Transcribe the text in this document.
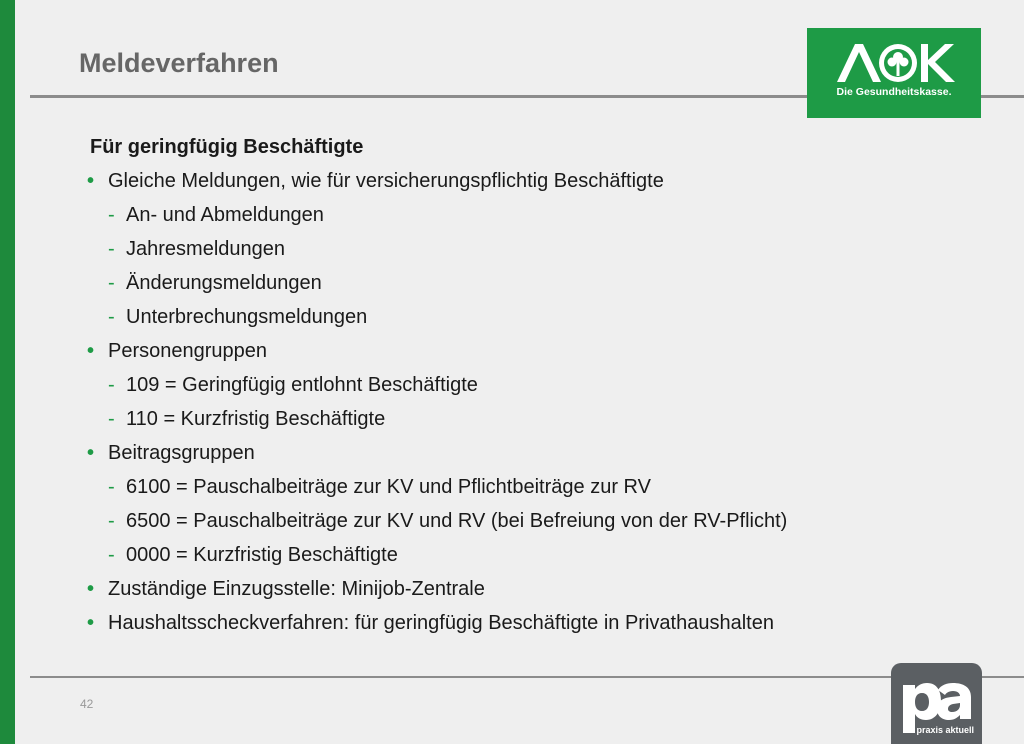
Meldeverfahren
Die Gesundheitskasse.
Für geringfügig Beschäftigte
• Gleiche Meldungen, wie für versicherungspflichtig Beschäftigte
- An- und Abmeldungen
- Jahresmeldungen
- Änderungsmeldungen
- Unterbrechungsmeldungen
• Personengruppen
- 109 = Geringfügig entlohnt Beschäftigte
- 110 = Kurzfristig Beschäftigte
• Beitragsgruppen
- 6100 = Pauschalbeiträge zur KV und Pflichtbeiträge zur RV
- 6500 = Pauschalbeiträge zur KV und RV (bei Befreiung von der RV-Pflicht)
- 0000 = Kurzfristig Beschäftigte
• Zuständige Einzugsstelle: Minijob-Zentrale
• Haushaltsscheckverfahren: für geringfügig Beschäftigte in Privathaushalten
42
praxis aktuell
